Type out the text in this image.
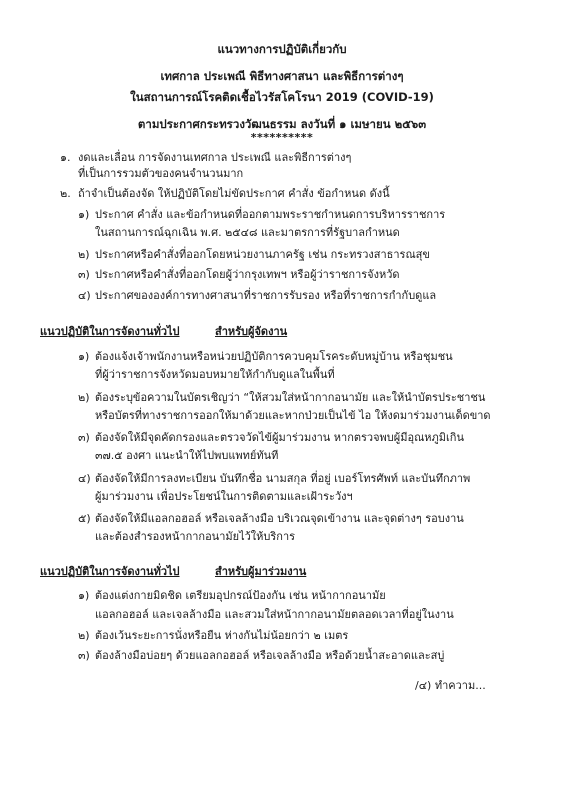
แนวทางการปฏิบัติเกี่ยวกับ
เทศกาล ประเพณี พิธีทางศาสนา และพิธีการต่างๆ
ในสถานการณ์โรคติดเชื้อไวรัสโคโรนา 2019 (COVID-19)
ตามประกาศกระทรวงวัฒนธรรม ลงวันที่ ๑ เมษายน ๒๕๖๓
**********
๑. งดและเลื่อน การจัดงานเทศกาล ประเพณี และพิธีการต่างๆ
ที่เป็นการรวมตัวของคนจำนวนมาก
๒. ถ้าจำเป็นต้องจัด ให้ปฏิบัติโดยไม่ขัดประกาศ คำสั่ง ข้อกำหนด ดังนี้
๑) ประกาศ คำสั่ง และข้อกำหนดที่ออกตามพระราชกำหนดการบริหารราชการ
ในสถานการณ์ฉุกเฉิน พ.ศ. ๒๕๔๘ และมาตรการที่รัฐบาลกำหนด
๒) ประกาศหรือคำสั่งที่ออกโดยหน่วยงานภาครัฐ เช่น กระทรวงสาธารณสุข
๓) ประกาศหรือคำสั่งที่ออกโดยผู้ว่ากรุงเทพฯ หรือผู้ว่าราชการจังหวัด
๔) ประกาศขององค์การทางศาสนาที่ราชการรับรอง หรือที่ราชการกำกับดูแล
แนวปฏิบัติในการจัดงานทั่วไป	สำหรับผู้จัดงาน
๑) ต้องแจ้งเจ้าพนักงานหรือหน่วยปฏิบัติการควบคุมโรคระดับหมู่บ้าน หรือชุมชน
ที่ผู้ว่าราชการจังหวัดมอบหมายให้กำกับดูแลในพื้นที่
๒) ต้องระบุข้อความในบัตรเชิญว่า “ให้สวมใส่หน้ากากอนามัย และให้นำบัตรประชาชน
หรือบัตรที่ทางราชการออกให้มาด้วยและหากป่วยเป็นไข้ ไอ ให้งดมาร่วมงานเด็ดขาด
๓) ต้องจัดให้มีจุดคัดกรองและตรวจวัดไข้ผู้มาร่วมงาน หากตรวจพบผู้มีอุณหภูมิเกิน
๓๗.๕ องศา แนะนำให้ไปพบแพทย์ทันที
๔) ต้องจัดให้มีการลงทะเบียน บันทึกชื่อ นามสกุล ที่อยู่ เบอร์โทรศัพท์ และบันทึกภาพ
ผู้มาร่วมงาน เพื่อประโยชน์ในการติดตามและเฝ้าระวังฯ
๕) ต้องจัดให้มีแอลกอฮอล์ หรือเจลล้างมือ บริเวณจุดเข้างาน และจุดต่างๆ รอบงาน
และต้องสำรองหน้ากากอนามัยไว้ให้บริการ
แนวปฏิบัติในการจัดงานทั่วไป	สำหรับผู้มาร่วมงาน
๑) ต้องแต่งกายมิดชิด เตรียมอุปกรณ์ป้องกัน เช่น หน้ากากอนามัย
แอลกอฮอล์ และเจลล้างมือ และสวมใส่หน้ากากอนามัยตลอดเวลาที่อยู่ในงาน
๒) ต้องเว้นระยะการนั่งหรือยืน ห่างกันไม่น้อยกว่า ๒ เมตร
๓) ต้องล้างมือบ่อยๆ ด้วยแอลกอฮอล์ หรือเจลล้างมือ หรือด้วยน้ำสะอาดและสบู่
/๔) ทำความ...
